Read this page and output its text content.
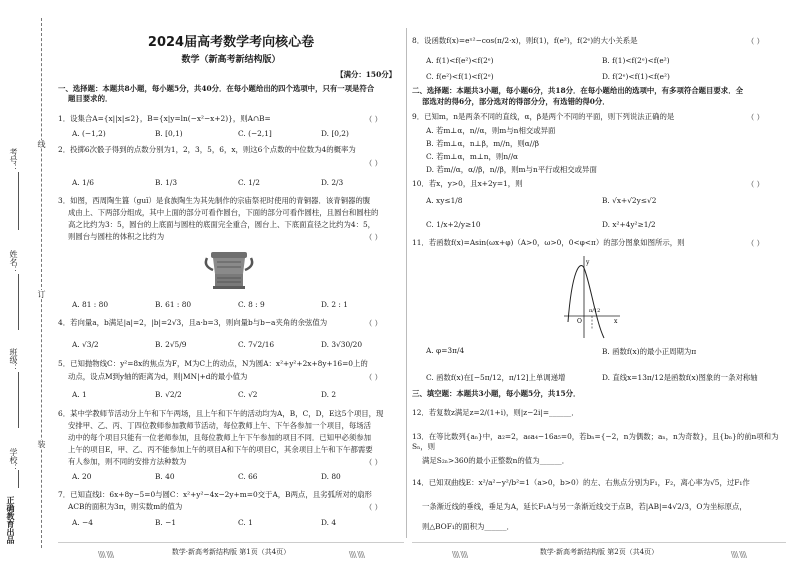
考号：
姓名：
班级：
学校：
正确教育出品
线
订
装
2024届高考数学考向核心卷
数学（新高考新结构版）
【满分：150分】
一、选择题：本题共8小题，每小题5分，共40分．在每小题给出的四个选项中，只有一项是符合
题目要求的．
1．设集合A={x||x|≤2}，B={x|y=ln(−x²−x+2)}，则A∩B=	（ ）
A. (−1,2)	B. [0,1)	C. (−2,1]	D. [0,2)
2．投掷6次骰子得到的点数分别为1，2，3，5，6，x，则这6个点数的中位数为4的概率为
（ ）
A. 1/6	B. 1/3	C. 1/2	D. 2/3
3．如图，西周陶生簋（guǐ）是食族陶生为其先制作的宗庙祭祀时使用的青铜器．该青铜器的腹
成由上、下两部分组成，其中上面的部分可看作圆台，下面的部分可看作圆柱，且圆台和圆柱的
高之比约为3：5，圆台的上底面与圆柱的底面完全重合，圆台上、下底面直径之比约为4：5，
则圆台与圆柱的体积之比约为	（ ）
A. 81 : 80	B. 61 : 80	C. 8 : 9	D. 2 : 1
4．若向量a，b满足|a|=2，|b|=2√3，且a·b=3，则向量b与b−a夹角的余弦值为	（ ）
A. √3/2	B. 2√5/9	C. 7√2/16	D. 3√30/20
5．已知抛物线C：y²=8x的焦点为F，M为C上的动点，N为圆A：x²+y²+2x+8y+16=0上的
动点，设点M到y轴的距离为d，则|MN|+d的最小值为	（ ）
A. 1	B. √2/2	C. √2	D. 2
6．某中学教师节活动分上午和下午两场，且上午和下午的活动均为A，B，C，D，E这5个项目，现
安排甲、乙、丙、丁四位教师参加教师节活动，每位教师上午、下午各参加一个项目，每场活
动中的每个项目只能有一位老师参加，且每位教师上午下午参加的项目不同．已知甲必须参加
上午的项目E，甲、乙、丙不能参加上午的项目A和下午的项目C，其余项目上午和下午都需要
有人参加，则不同的安排方法种数为	（ ）
A. 20	B. 40	C. 66	D. 80
7．已知直线l：6x+8y−5=0与圆C：x²+y²−4x−2y+m=0交于A，B两点，且劣弧所对的扇形
ACB的面积为3π，则实数m的值为	（ ）
A. −4	B. −1	C. 1	D. 4
\\\\ \\\\	数学·新高考新结构版 第1页（共4页）	\\\\ \\\\
8．设函数f(x)=eˣ²−cos(π/2·x)，则f(1)，f(e²)，f(2ᵉ)的大小关系是	（ ）
A. f(1)<f(e²)<f(2ᵉ)	B. f(1)<f(2ᵉ)<f(e²)
C. f(e²)<f(1)<f(2ᵉ)	D. f(2ᵉ)<f(1)<f(e²)
二、选择题：本题共3小题，每小题6分，共18分．在每小题给出的选项中，有多项符合题目要求．全
部选对的得6分，部分选对的得部分分，有选错的得0分．
9．已知m，n是两条不同的直线，α，β是两个不同的平面，则下列说法正确的是	（ ）
A. 若m⊥α，n//α，则m与n相交或异面
B. 若m⊥α，n⊥β，m//n，则α//β
C. 若m⊥α，m⊥n，则n//α
D. 若m//α，α//β，n//β，则m与n平行或相交或异面
10．若x，y>0，且x+2y=1，则	（ ）
A. xy≤1/8	B. √x+√2y≤√2
C. 1/x+2/y≥10	D. x²+4y²≥1/2
11．若函数f(x)=Asin(ωx+φ)（A>0，ω>0，0<φ<π）的部分图象如图所示，则	（ ）
y
x
O
π/12
A. φ=3π/4	B. 函数f(x)的最小正周期为π
C. 函数f(x)在[−5π/12，π/12]上单调递增	D. 直线x=13π/12是函数f(x)图象的一条对称轴
三、填空题：本题共3小题，每小题5分，共15分．
12．若复数z满足z=2/(1+i)，则|z−2i|=______．
13．在等比数列{aₙ}中，a₂=2，a₆a₄−16a₅=0，若bₙ={−2，n为偶数；aₙ，n为奇数}，且{bₙ}的前n项和为Sₙ，则
满足S₂ₙ>360的最小正整数n的值为______．
14．已知双曲线E：x²/a²−y²/b²=1（a>0，b>0）的左、右焦点分别为F₁，F₂，离心率为√5，过F₁作
一条渐近线的垂线，垂足为A，延长F₁A与另一条渐近线交于点B，若|AB|=4√2/3，O为坐标原点，
则△BOF₁的面积为______．
\\\\ \\\\	数学·新高考新结构版 第2页（共4页）	\\\\ \\\\
